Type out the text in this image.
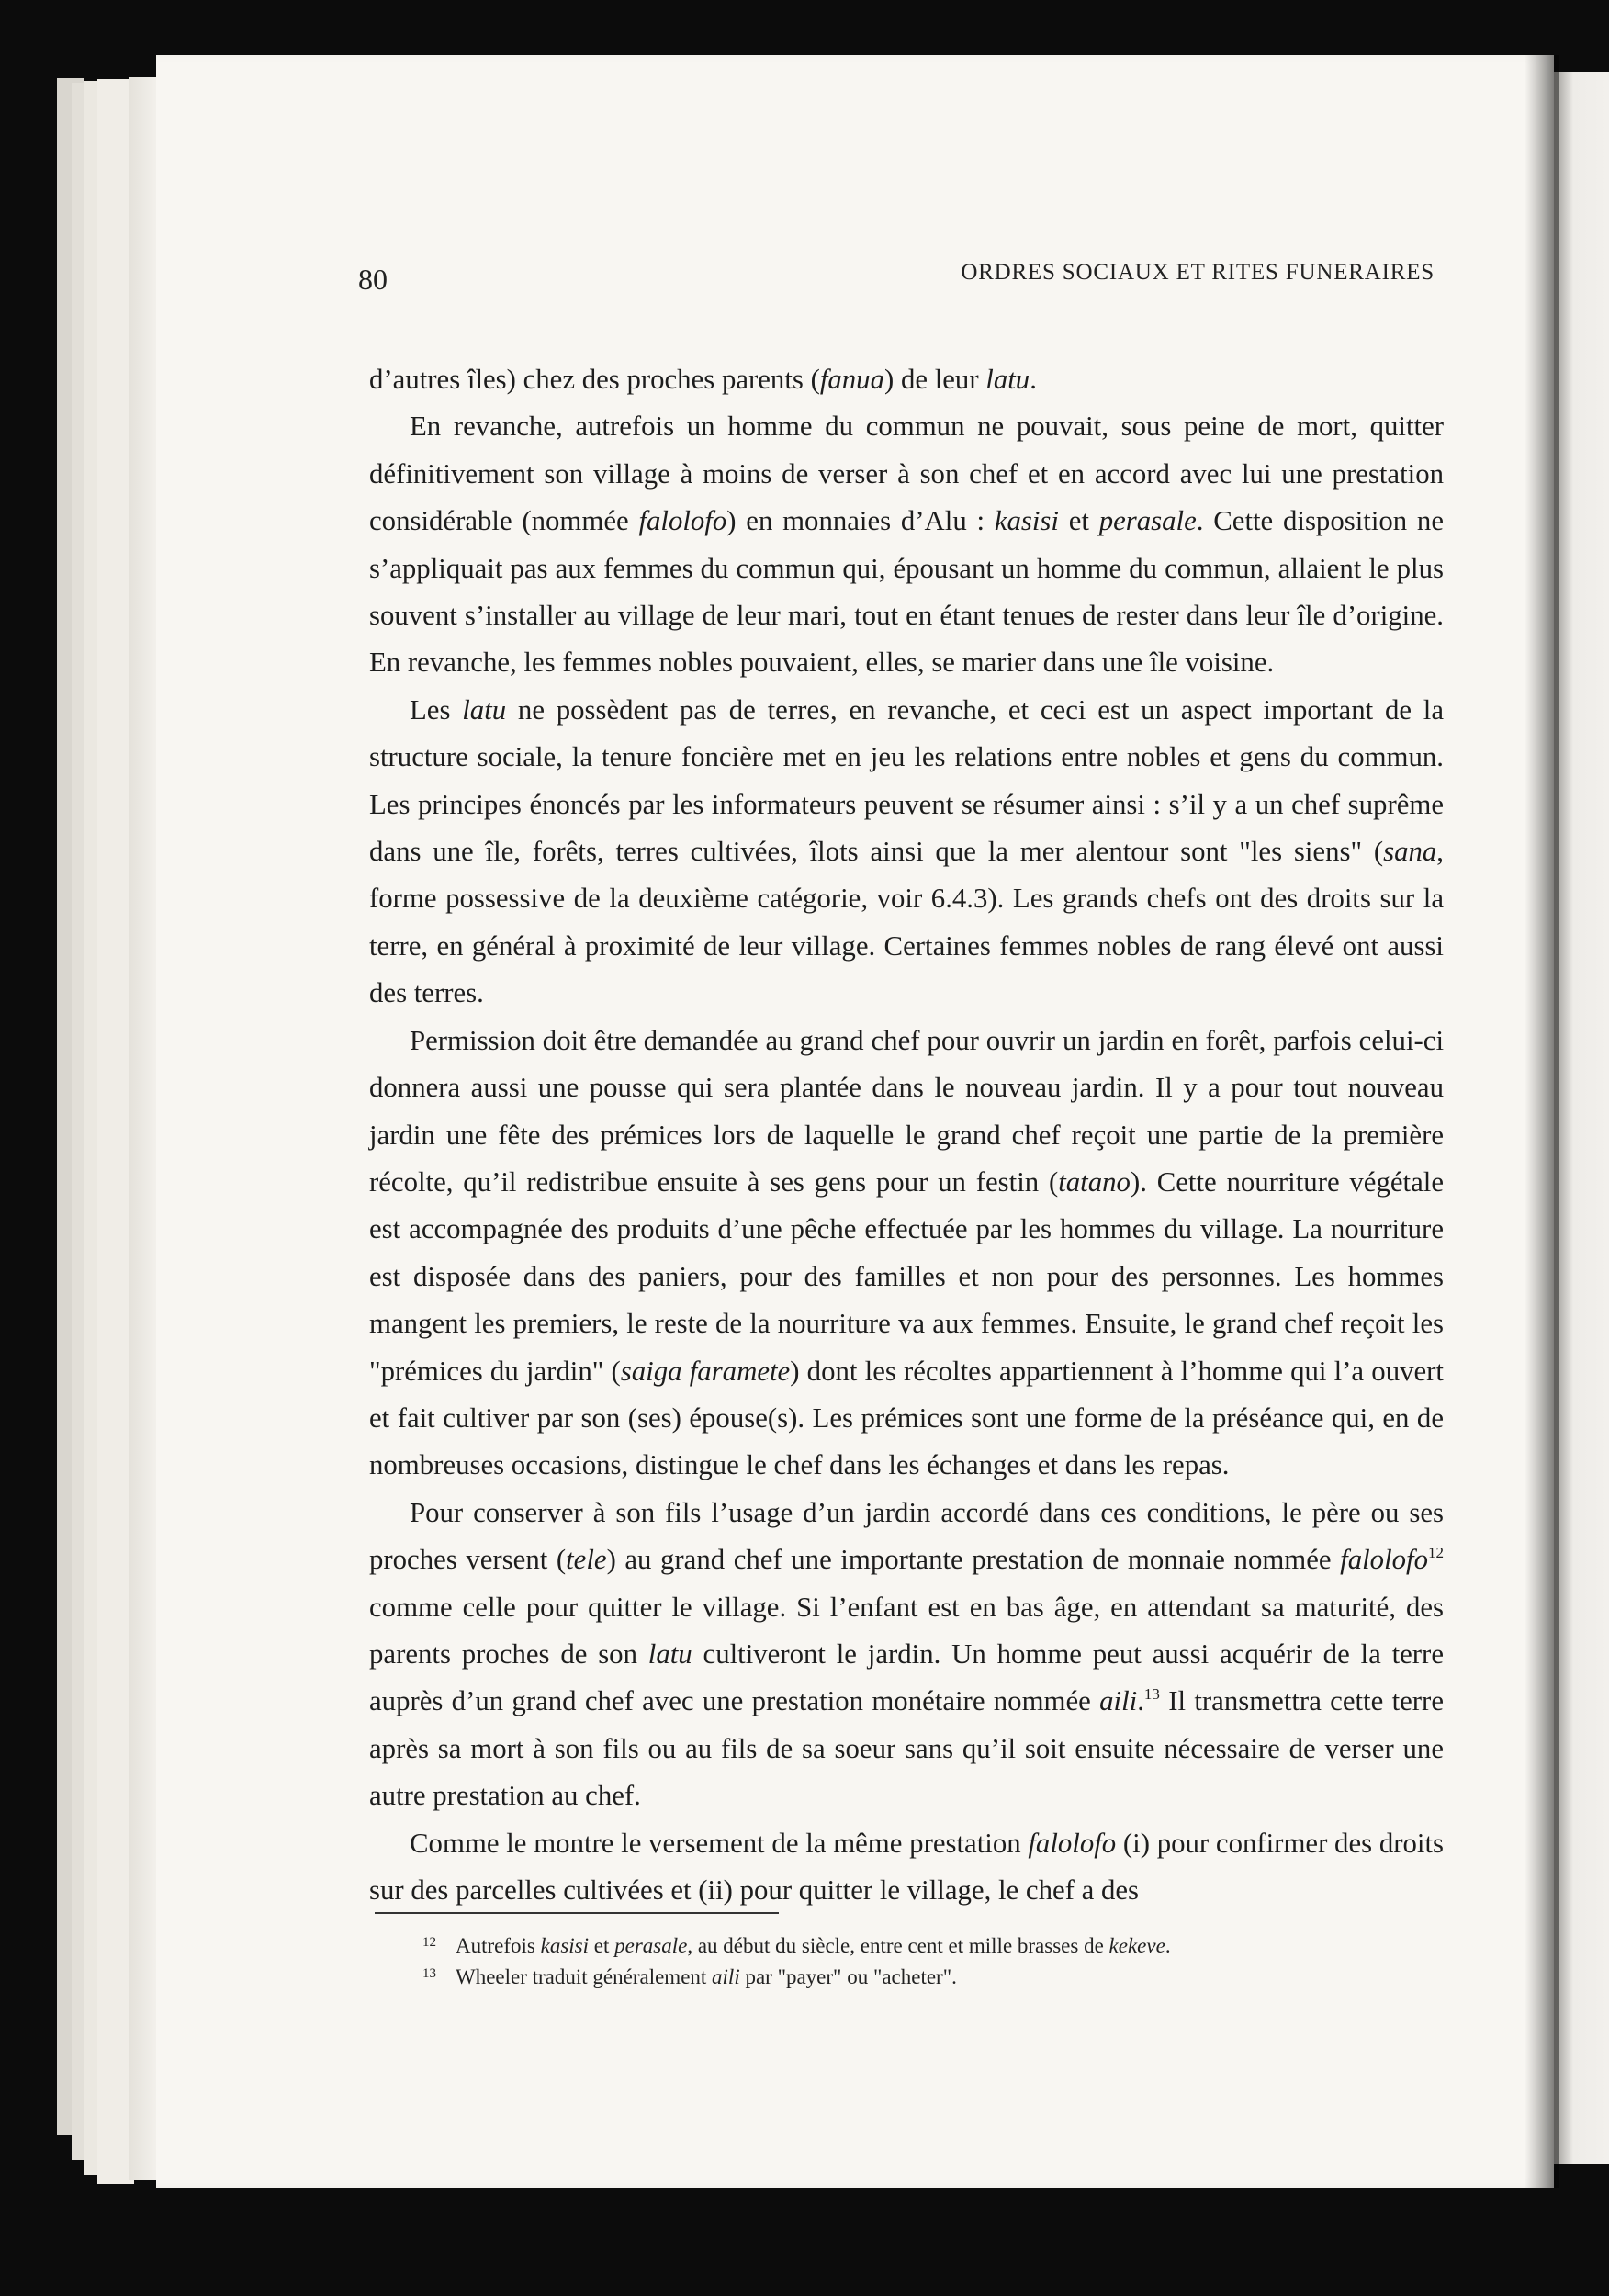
80	ORDRES SOCIAUX ET RITES FUNERAIRES

d’autres îles) chez des proches parents (fanua) de leur latu.

En revanche, autrefois un homme du commun ne pouvait, sous peine de mort, quitter définitivement son village à moins de verser à son chef et en accord avec lui une prestation considérable (nommée falolofo) en monnaies d’Alu : kasisi et perasale. Cette disposition ne s’appliquait pas aux femmes du commun qui, épousant un homme du commun, allaient le plus souvent s’installer au village de leur mari, tout en étant tenues de rester dans leur île d’origine. En revanche, les femmes nobles pouvaient, elles, se marier dans une île voisine.

Les latu ne possèdent pas de terres, en revanche, et ceci est un aspect important de la structure sociale, la tenure foncière met en jeu les relations entre nobles et gens du commun. Les principes énoncés par les informateurs peuvent se résumer ainsi : s’il y a un chef suprême dans une île, forêts, terres cultivées, îlots ainsi que la mer alentour sont "les siens" (sana, forme possessive de la deuxième catégorie, voir 6.4.3). Les grands chefs ont des droits sur la terre, en général à proximité de leur village. Certaines femmes nobles de rang élevé ont aussi des terres.

Permission doit être demandée au grand chef pour ouvrir un jardin en forêt, parfois celui-ci donnera aussi une pousse qui sera plantée dans le nouveau jardin. Il y a pour tout nouveau jardin une fête des prémices lors de laquelle le grand chef reçoit une partie de la première récolte, qu’il redistribue ensuite à ses gens pour un festin (tatano). Cette nourriture végétale est accompagnée des produits d’une pêche effectuée par les hommes du village. La nourriture est disposée dans des paniers, pour des familles et non pour des personnes. Les hommes mangent les premiers, le reste de la nourriture va aux femmes. Ensuite, le grand chef reçoit les "prémices du jardin" (saiga faramete) dont les récoltes appartiennent à l’homme qui l’a ouvert et fait cultiver par son (ses) épouse(s). Les prémices sont une forme de la préséance qui, en de nombreuses occasions, distingue le chef dans les échanges et dans les repas.

Pour conserver à son fils l’usage d’un jardin accordé dans ces conditions, le père ou ses proches versent (tele) au grand chef une importante prestation de monnaie nommée falolofo$^{12}$ comme celle pour quitter le village. Si l’enfant est en bas âge, en attendant sa maturité, des parents proches de son latu cultiveront le jardin. Un homme peut aussi acquérir de la terre auprès d’un grand chef avec une prestation monétaire nommée aili.$^{13}$ Il transmettra cette terre après sa mort à son fils ou au fils de sa soeur sans qu’il soit ensuite nécessaire de verser une autre prestation au chef.

Comme le montre le versement de la même prestation falolofo (i) pour confirmer des droits sur des parcelles cultivées et (ii) pour quitter le village, le chef a des

12 Autrefois kasisi et perasale, au début du siècle, entre cent et mille brasses de kekeve.
13 Wheeler traduit généralement aili par "payer" ou "acheter".
